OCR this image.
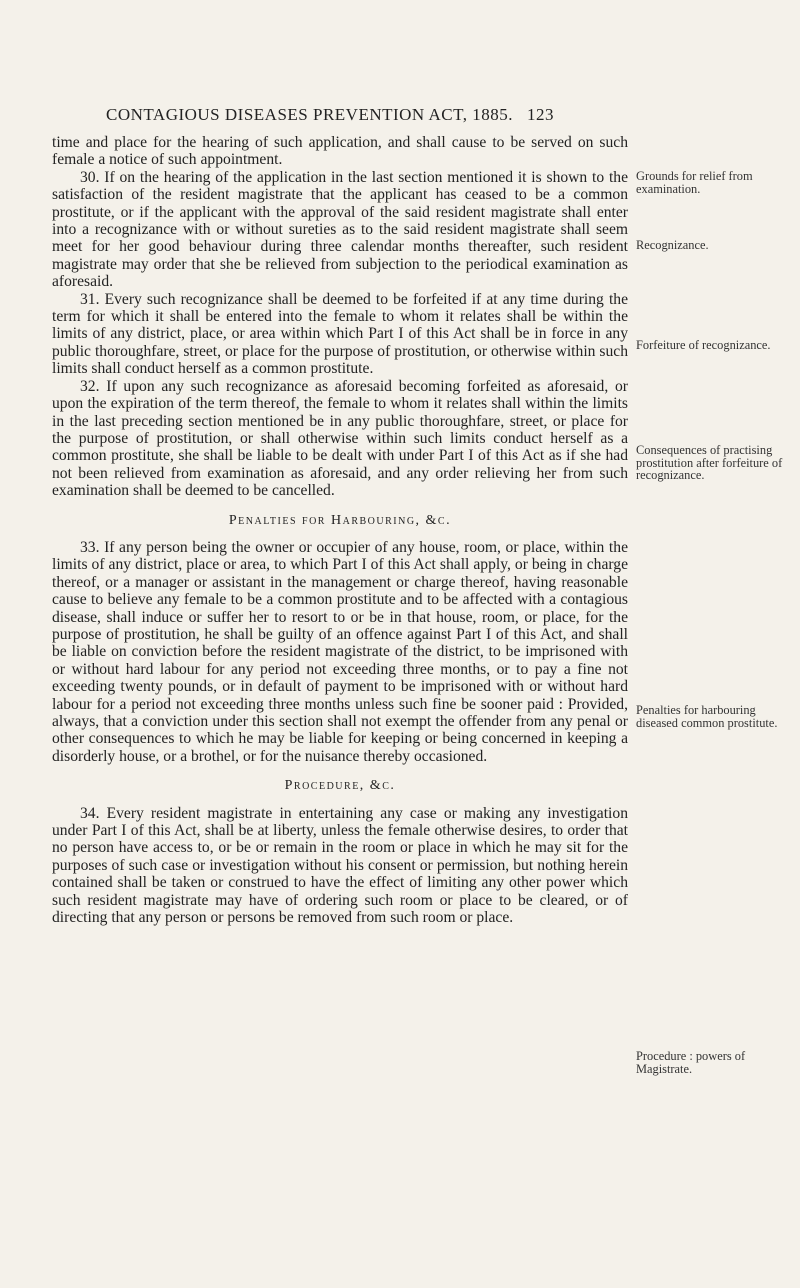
CONTAGIOUS DISEASES PREVENTION ACT, 1885. 123

time and place for the hearing of such application, and shall cause to be served on such female a notice of such appointment.

30. If on the hearing of the application in the last section mentioned it is shown to the satisfaction of the resident magistrate that the applicant has ceased to be a common prostitute, or if the applicant with the approval of the said resident magistrate shall enter into a recognizance with or without sureties as to the said resident magistrate shall seem meet for her good behaviour during three calendar months thereafter, such resident magistrate may order that she be relieved from subjection to the periodical examination as aforesaid.

31. Every such recognizance shall be deemed to be forfeited if at any time during the term for which it shall be entered into the female to whom it relates shall be within the limits of any district, place, or area within which Part I of this Act shall be in force in any public thoroughfare, street, or place for the purpose of prostitution, or otherwise within such limits shall conduct herself as a common prostitute.

32. If upon any such recognizance as aforesaid becoming forfeited as aforesaid, or upon the expiration of the term thereof, the female to whom it relates shall within the limits in the last preceding section mentioned be in any public thoroughfare, street, or place for the purpose of prostitution, or shall otherwise within such limits conduct herself as a common prostitute, she shall be liable to be dealt with under Part I of this Act as if she had not been relieved from examination as aforesaid, and any order relieving her from such examination shall be deemed to be cancelled.

Penalties for Harbouring, &c.

33. If any person being the owner or occupier of any house, room, or place, within the limits of any district, place or area, to which Part I of this Act shall apply, or being in charge thereof, or a manager or assistant in the management or charge thereof, having reasonable cause to believe any female to be a common prostitute and to be affected with a contagious disease, shall induce or suffer her to resort to or be in that house, room, or place, for the purpose of prostitution, he shall be guilty of an offence against Part I of this Act, and shall be liable on conviction before the resident magistrate of the district, to be imprisoned with or without hard labour for any period not exceeding three months, or to pay a fine not exceeding twenty pounds, or in default of payment to be imprisoned with or without hard labour for a period not exceeding three months unless such fine be sooner paid : Provided, always, that a conviction under this section shall not exempt the offender from any penal or other consequences to which he may be liable for keeping or being concerned in keeping a disorderly house, or a brothel, or for the nuisance thereby occasioned.

Procedure, &c.

34. Every resident magistrate in entertaining any case or making any investigation under Part I of this Act, shall be at liberty, unless the female otherwise desires, to order that no person have access to, or be or remain in the room or place in which he may sit for the purposes of such case or investigation without his consent or permission, but nothing herein contained shall be taken or construed to have the effect of limiting any other power which such resident magistrate may have of ordering such room or place to be cleared, or of directing that any person or persons be removed from such room or place.

Grounds for relief from examination.
Recognizance.
Forfeiture of recognizance.
Consequences of practising prostitution after forfeiture of recognizance.
Penalties for harbouring diseased common prostitute.
Procedure : powers of Magistrate.
